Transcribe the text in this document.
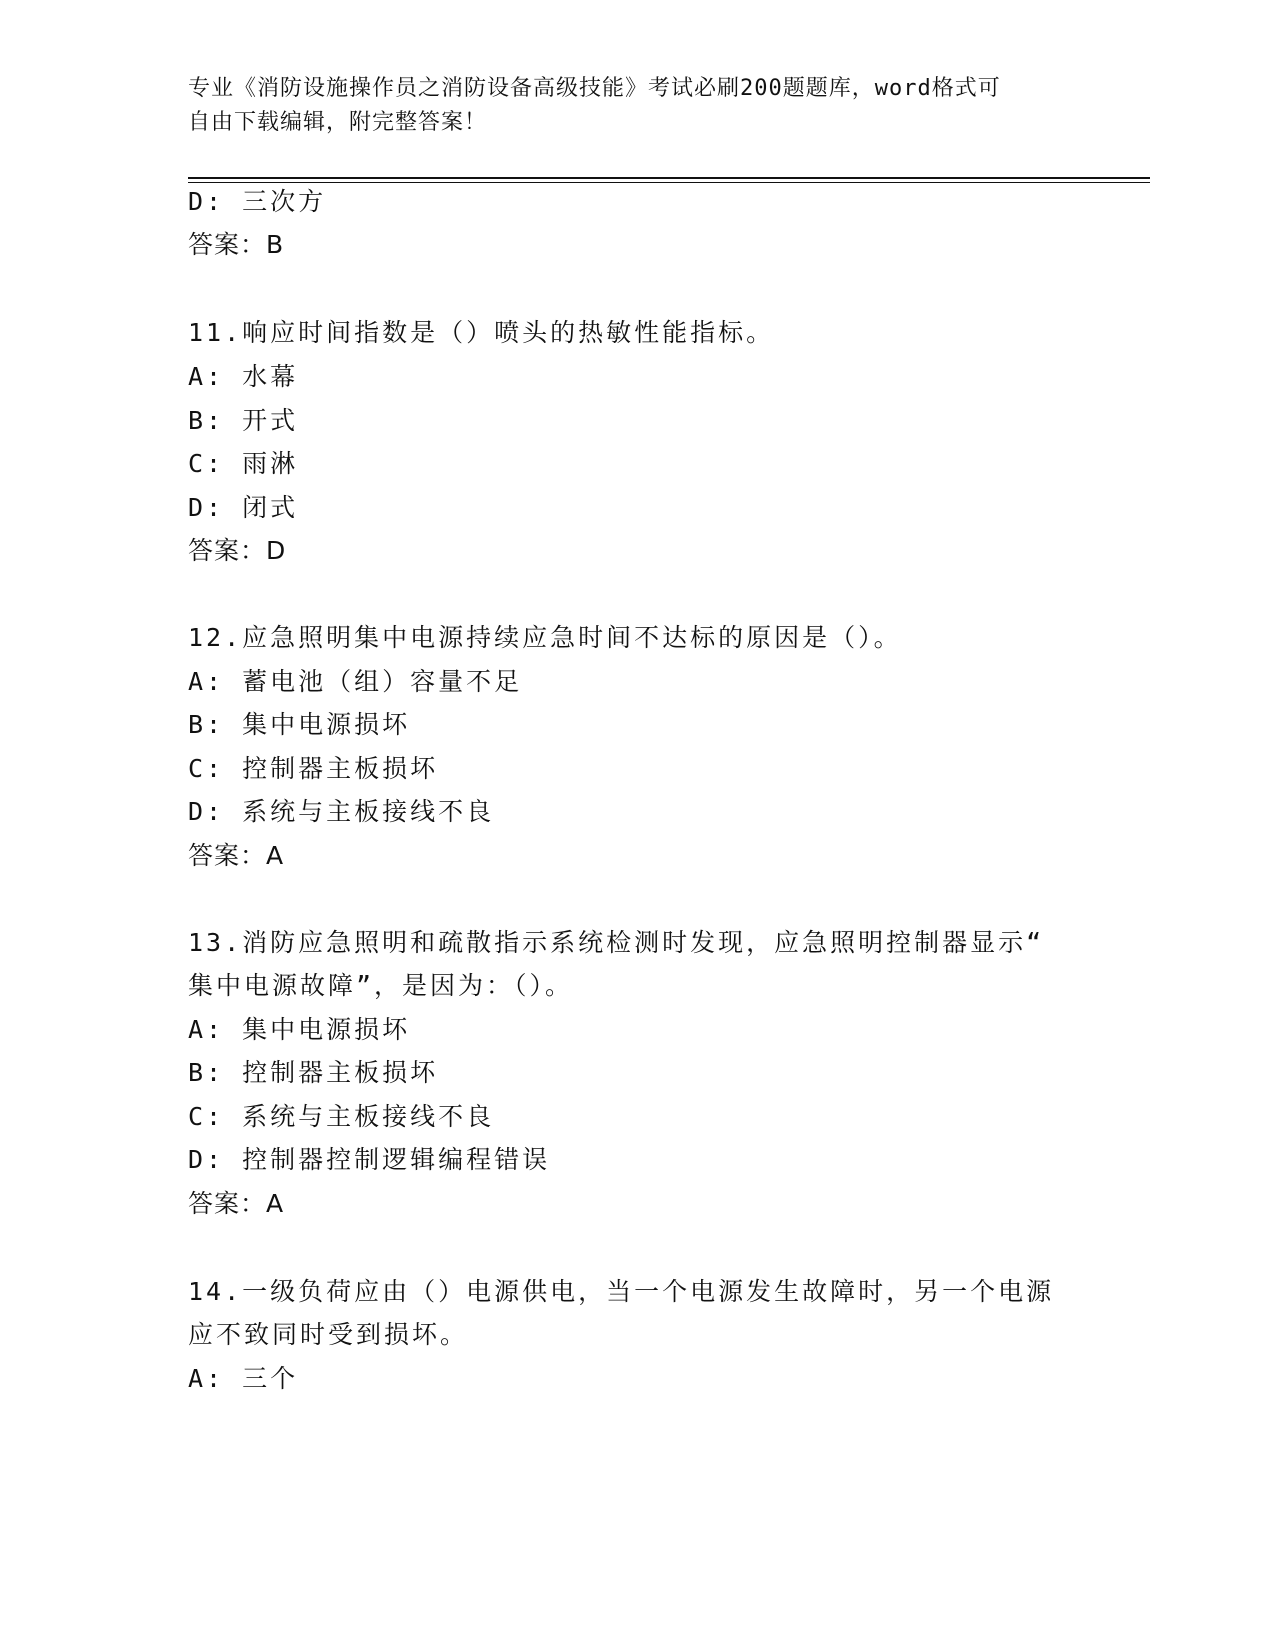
专业《消防设施操作员之消防设备高级技能》考试必刷200题题库，word格式可
自由下载编辑，附完整答案！
D: 三次方
答案：B
11.响应时间指数是（）喷头的热敏性能指标。
A: 水幕
B: 开式
C: 雨淋
D: 闭式
答案：D
12.应急照明集中电源持续应急时间不达标的原因是（）。
A: 蓄电池（组）容量不足
B: 集中电源损坏
C: 控制器主板损坏
D: 系统与主板接线不良
答案：A
13.消防应急照明和疏散指示系统检测时发现，应急照明控制器显示“
集中电源故障”，是因为：（）。
A: 集中电源损坏
B: 控制器主板损坏
C: 系统与主板接线不良
D: 控制器控制逻辑编程错误
答案：A
14.一级负荷应由（）电源供电，当一个电源发生故障时，另一个电源
应不致同时受到损坏。
A: 三个
